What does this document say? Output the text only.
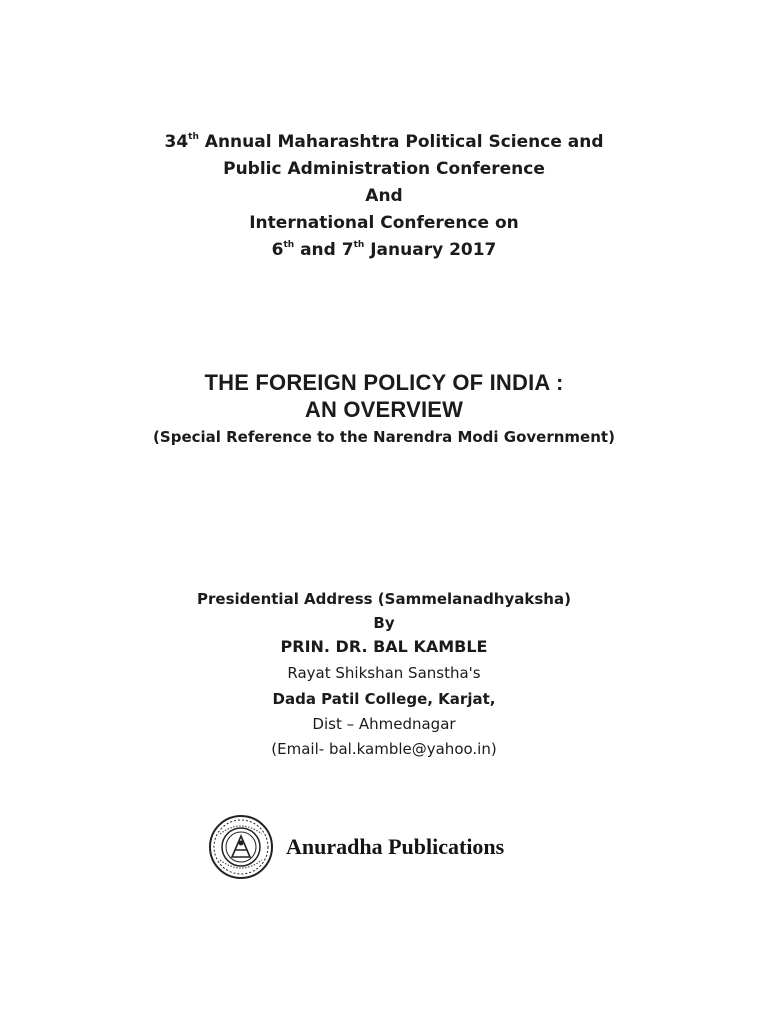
34th Annual Maharashtra Political Science and
Public Administration Conference
And
International Conference on
6th and 7th January 2017
THE FOREIGN POLICY OF INDIA :
AN OVERVIEW
(Special Reference to the Narendra Modi Government)
Presidential Address (Sammelanadhyaksha)
By
PRIN. DR. BAL KAMBLE
Rayat Shikshan Sanstha's
Dada Patil College, Karjat,
Dist – Ahmednagar
(Email- bal.kamble@yahoo.in)
Anuradha Publications
